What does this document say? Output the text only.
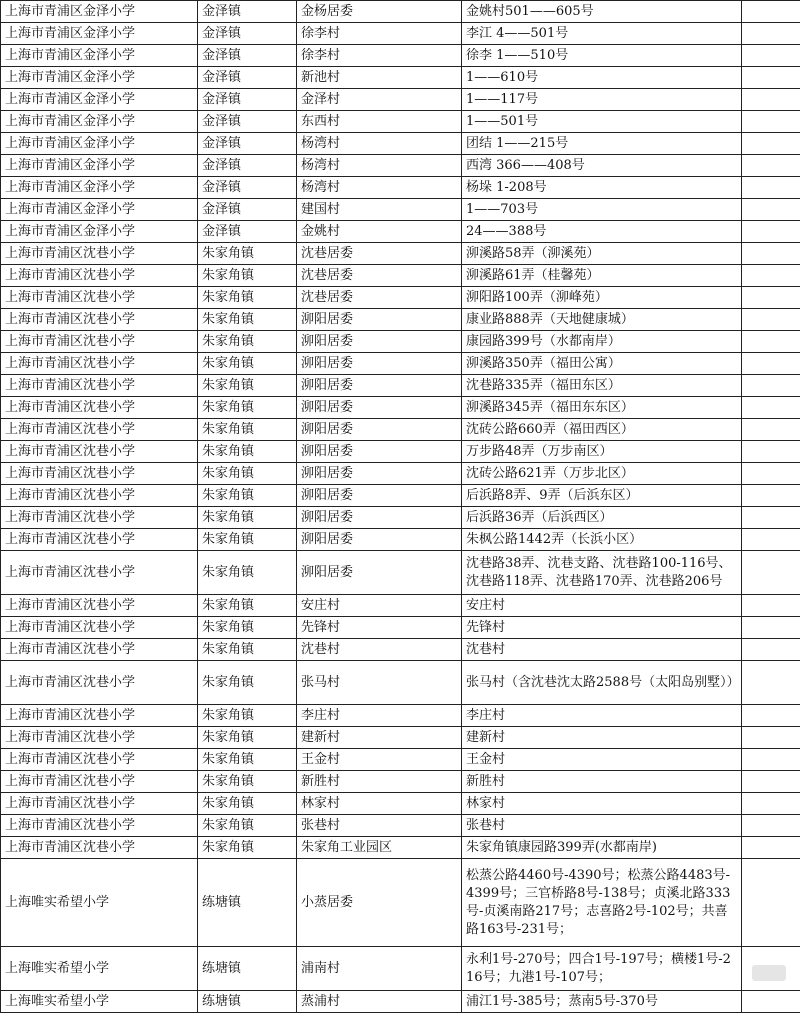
上海市青浦区金泽小学	金泽镇	金杨居委	金姚村501——605号	
上海市青浦区金泽小学	金泽镇	徐李村	李江 4——501号	
上海市青浦区金泽小学	金泽镇	徐李村	徐李 1——510号	
上海市青浦区金泽小学	金泽镇	新池村	1——610号	
上海市青浦区金泽小学	金泽镇	金泽村	1——117号	
上海市青浦区金泽小学	金泽镇	东西村	1——501号	
上海市青浦区金泽小学	金泽镇	杨湾村	团结 1——215号	
上海市青浦区金泽小学	金泽镇	杨湾村	西湾 366——408号	
上海市青浦区金泽小学	金泽镇	杨湾村	杨垛 1-208号	
上海市青浦区金泽小学	金泽镇	建国村	1——703号	
上海市青浦区金泽小学	金泽镇	金姚村	24——388号	
上海市青浦区沈巷小学	朱家角镇	沈巷居委	泖溪路58弄（泖溪苑）	
上海市青浦区沈巷小学	朱家角镇	沈巷居委	泖溪路61弄（桂馨苑）	
上海市青浦区沈巷小学	朱家角镇	沈巷居委	泖阳路100弄（泖峰苑）	
上海市青浦区沈巷小学	朱家角镇	泖阳居委	康业路888弄（天地健康城）	
上海市青浦区沈巷小学	朱家角镇	泖阳居委	康园路399号（水都南岸）	
上海市青浦区沈巷小学	朱家角镇	泖阳居委	泖溪路350弄（福田公寓）	
上海市青浦区沈巷小学	朱家角镇	泖阳居委	沈巷路335弄（福田东区）	
上海市青浦区沈巷小学	朱家角镇	泖阳居委	泖溪路345弄（福田东东区）	
上海市青浦区沈巷小学	朱家角镇	泖阳居委	沈砖公路660弄（福田西区）	
上海市青浦区沈巷小学	朱家角镇	泖阳居委	万步路48弄（万步南区）	
上海市青浦区沈巷小学	朱家角镇	泖阳居委	沈砖公路621弄（万步北区）	
上海市青浦区沈巷小学	朱家角镇	泖阳居委	后浜路8弄、9弄（后浜东区）	
上海市青浦区沈巷小学	朱家角镇	泖阳居委	后浜路36弄（后浜西区）	
上海市青浦区沈巷小学	朱家角镇	泖阳居委	朱枫公路1442弄（长浜小区）	
上海市青浦区沈巷小学	朱家角镇	泖阳居委	沈巷路38弄、沈巷支路、沈巷路100-116号、沈巷路118弄、沈巷路170弄、沈巷路206号	
上海市青浦区沈巷小学	朱家角镇	安庄村	安庄村	
上海市青浦区沈巷小学	朱家角镇	先锋村	先锋村	
上海市青浦区沈巷小学	朱家角镇	沈巷村	沈巷村	
上海市青浦区沈巷小学	朱家角镇	张马村	张马村（含沈巷沈太路2588号（太阳岛别墅））	
上海市青浦区沈巷小学	朱家角镇	李庄村	李庄村	
上海市青浦区沈巷小学	朱家角镇	建新村	建新村	
上海市青浦区沈巷小学	朱家角镇	王金村	王金村	
上海市青浦区沈巷小学	朱家角镇	新胜村	新胜村	
上海市青浦区沈巷小学	朱家角镇	林家村	林家村	
上海市青浦区沈巷小学	朱家角镇	张巷村	张巷村	
上海市青浦区沈巷小学	朱家角镇	朱家角工业园区	朱家角镇康园路399弄(水都南岸)	
上海唯实希望小学	练塘镇	小蒸居委	松蒸公路4460号-4390号；松蒸公路4483号-4399号；三官桥路8号-138号；贞溪北路333号-贞溪南路217号；志喜路2号-102号；共喜路163号-231号；	
上海唯实希望小学	练塘镇	浦南村	永利1号-270号；四合1号-197号；横楼1号-216号；九港1号-107号；	
上海唯实希望小学	练塘镇	蒸浦村	浦江1号-385号；蒸南5号-370号	
